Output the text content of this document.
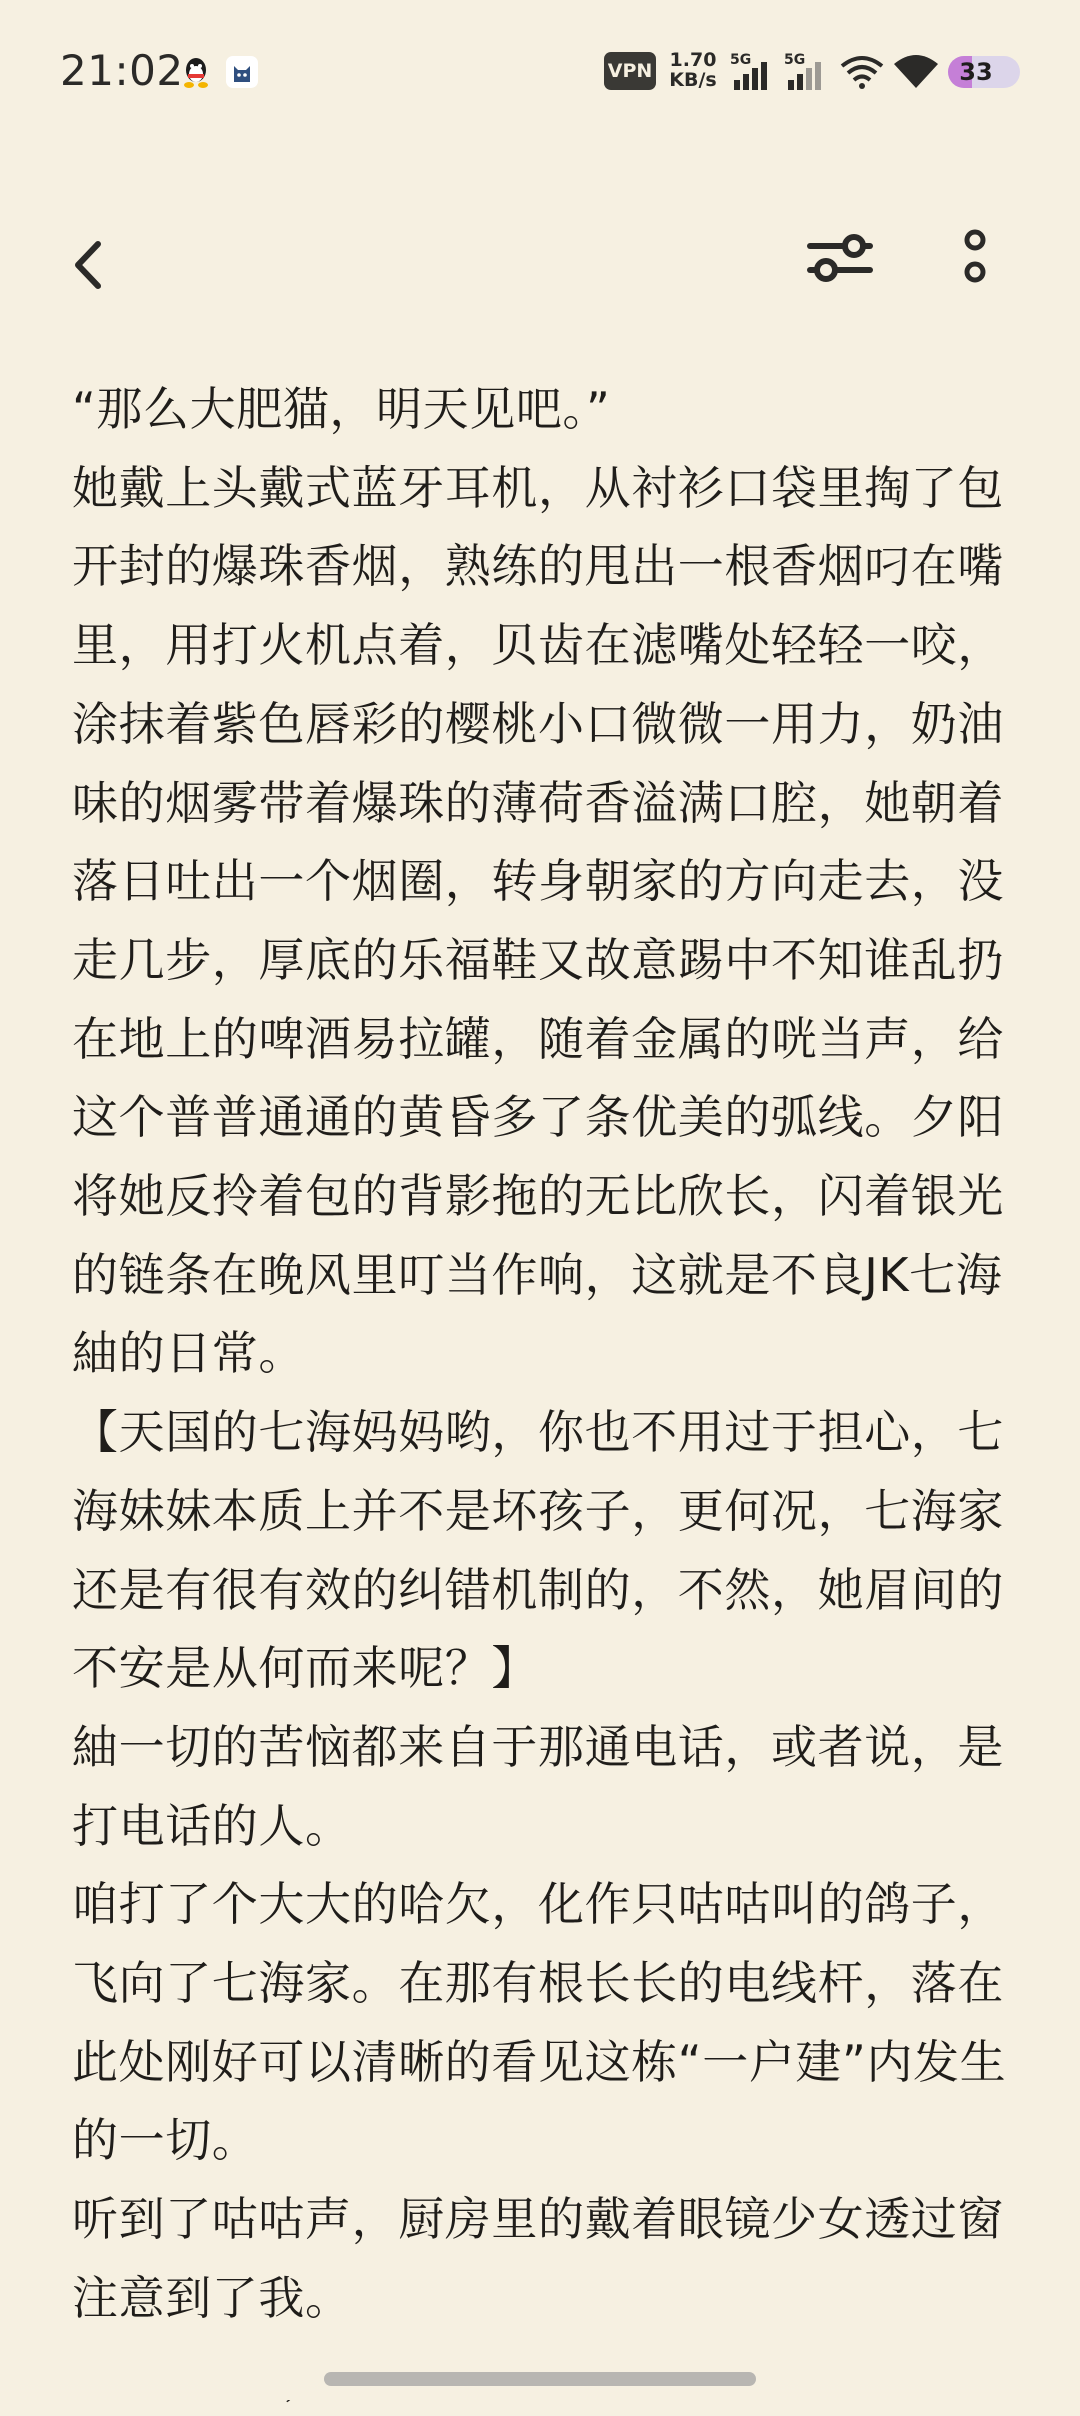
21:02	VPN 1.70
KB/s
5G 5G	33

“那么大肥猫，明天见吧。”

她戴上头戴式蓝牙耳机，从衬衫口袋里掏了包开封的爆珠香烟，熟练的甩出一根香烟叼在嘴里，用打火机点着，贝齿在滤嘴处轻轻一咬，涂抹着紫色唇彩的樱桃小口微微一用力，奶油味的烟雾带着爆珠的薄荷香溢满口腔，她朝着落日吐出一个烟圈，转身朝家的方向走去，没走几步，厚底的乐福鞋又故意踢中不知谁乱扔在地上的啤酒易拉罐，随着金属的咣当声，给这个普普通通的黄昏多了条优美的弧线。夕阳将她反拎着包的背影拖的无比欣长，闪着银光的链条在晚风里叮当作响，这就是不良JK七海紬的日常。

【天国的七海妈妈哟，你也不用过于担心，七海妹妹本质上并不是坏孩子，更何况，七海家还是有很有效的纠错机制的，不然，她眉间的不安是从何而来呢？】

紬一切的苦恼都来自于那通电话，或者说，是打电话的人。

咱打了个大大的哈欠，化作只咕咕叫的鸽子，飞向了七海家。在那有根长长的电线杆，落在此处刚好可以清晰的看见这栋“一户建”内发生的一切。

听到了咕咕声，厨房里的戴着眼镜少女透过窗注意到了我。
